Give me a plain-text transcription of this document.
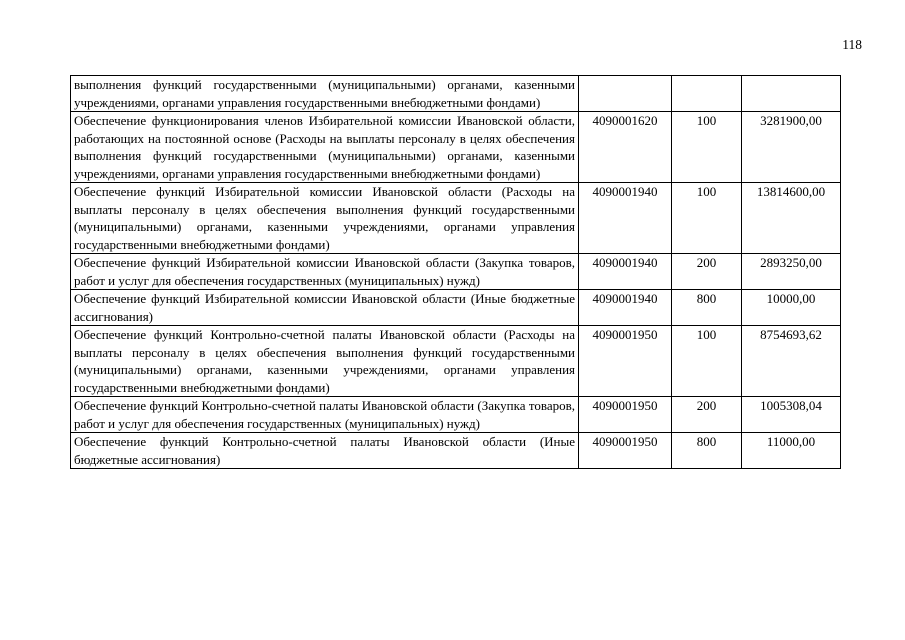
118
выполнения функций государственными (муниципальными) органами, казенными учреждениями, органами управления государственными внебюджетными фондами)			
Обеспечение функционирования членов Избирательной комиссии Ивановской области, работающих на постоянной основе (Расходы на выплаты персоналу в целях обеспечения выполнения функций государственными (муниципальными) органами, казенными учреждениями, органами управления государственными внебюджетными фондами)	4090001620	100	3281900,00
Обеспечение функций Избирательной комиссии Ивановской области (Расходы на выплаты персоналу в целях обеспечения выполнения функций государственными (муниципальными) органами, казенными учреждениями, органами управления государственными внебюджетными фондами)	4090001940	100	13814600,00
Обеспечение функций Избирательной комиссии Ивановской области (Закупка товаров, работ и услуг для обеспечения государственных (муниципальных) нужд)	4090001940	200	2893250,00
Обеспечение функций Избирательной комиссии Ивановской области (Иные бюджетные ассигнования)	4090001940	800	10000,00
Обеспечение функций Контрольно-счетной палаты Ивановской области (Расходы на выплаты персоналу в целях обеспечения выполнения функций государственными (муниципальными) органами, казенными учреждениями, органами управления государственными внебюджетными фондами)	4090001950	100	8754693,62
Обеспечение функций Контрольно-счетной палаты Ивановской области (Закупка товаров, работ и услуг для обеспечения государственных (муниципальных) нужд)	4090001950	200	1005308,04
Обеспечение функций Контрольно-счетной палаты Ивановской области (Иные бюджетные ассигнования)	4090001950	800	11000,00
